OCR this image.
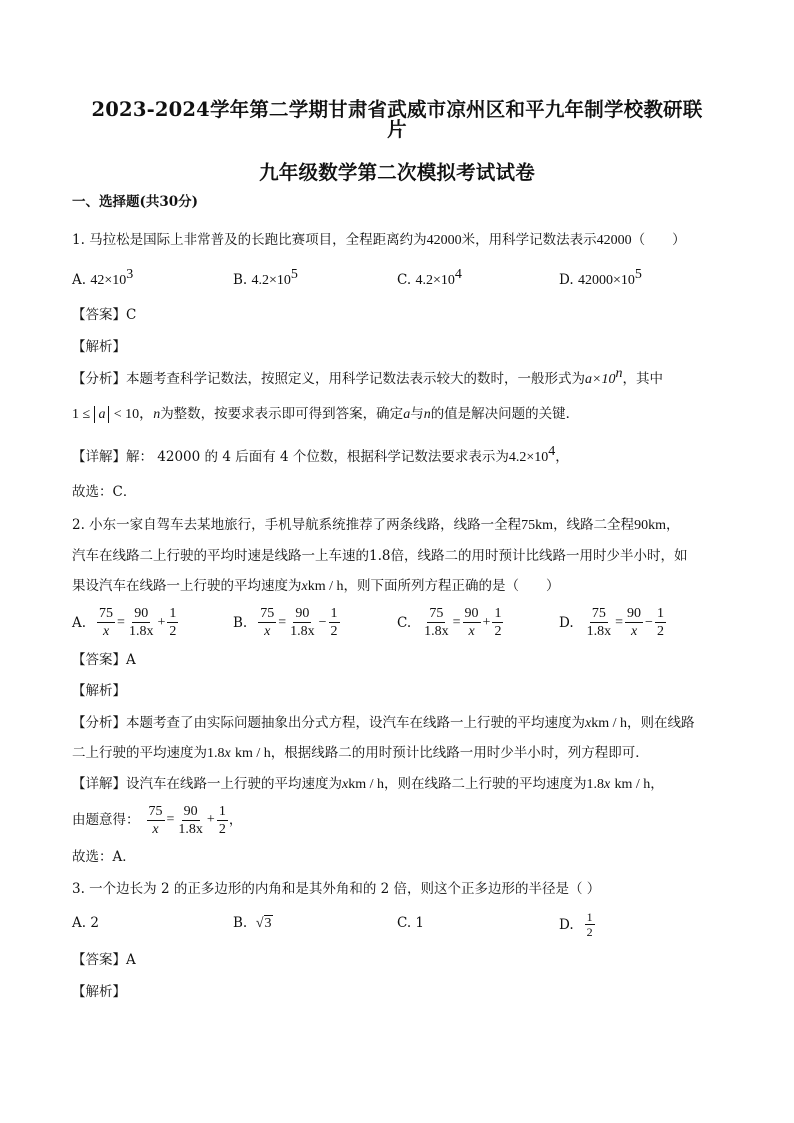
2023-2024学年第二学期甘肃省武威市凉州区和平九年制学校教研联
片
九年级数学第二次模拟考试试卷
一、选择题(共30分)
1. 马拉松是国际上非常普及的长跑比赛项目，全程距离约为42000米，用科学记数法表示42000（　　）
A. $42\times 10^3$	B. $4.2\times 10^5$	C. $4.2\times 10^4$	D. $42000\times 10^5$
【答案】C
【解析】
【分析】本题考查科学记数法，按照定义，用科学记数法表示较大的数时，一般形式为$a\times 10^n$，其中
1 ≤ a < 10，n为整数，按要求表示即可得到答案，确定a与n的值是解决问题的关键．
【详解】解： 42000 的 4 后面有 4 个位数，根据科学记数法要求表示为$4.2\times 10^4$，
故选：C．
2. 小东一家自驾车去某地旅行，手机导航系统推荐了两条线路，线路一全程75km，线路二全程90km，
汽车在线路二上行驶的平均时速是线路一上车速的1.8倍，线路二的用时预计比线路一用时少半小时，如
果设汽车在线路一上行驶的平均速度为xkm / h，则下面所列方程正确的是（　　）
A. $\frac{75}{x} = \frac{90}{1.8x} + \frac{1}{2}$	B. $\frac{75}{x} = \frac{90}{1.8x} - \frac{1}{2}$	C. $\frac{75}{1.8x} = \frac{90}{x} + \frac{1}{2}$	D. $\frac{75}{1.8x} = \frac{90}{x} - \frac{1}{2}$
【答案】A
【解析】
【分析】本题考查了由实际问题抽象出分式方程，设汽车在线路一上行驶的平均速度为xkm / h，则在线路
二上行驶的平均速度为1.8x km / h，根据线路二的用时预计比线路一用时少半小时，列方程即可．
【详解】设汽车在线路一上行驶的平均速度为xkm / h，则在线路二上行驶的平均速度为1.8x km / h，
由题意得： $\frac{75}{x} = \frac{90}{1.8x} + \frac{1}{2}$ ，
故选：A．
3. 一个边长为 2 的正多边形的内角和是其外角和的 2 倍，则这个正多边形的半径是（ ）
A. 2	B. √3	C. 1	D. $\frac{1}{2}$
【答案】A
【解析】
